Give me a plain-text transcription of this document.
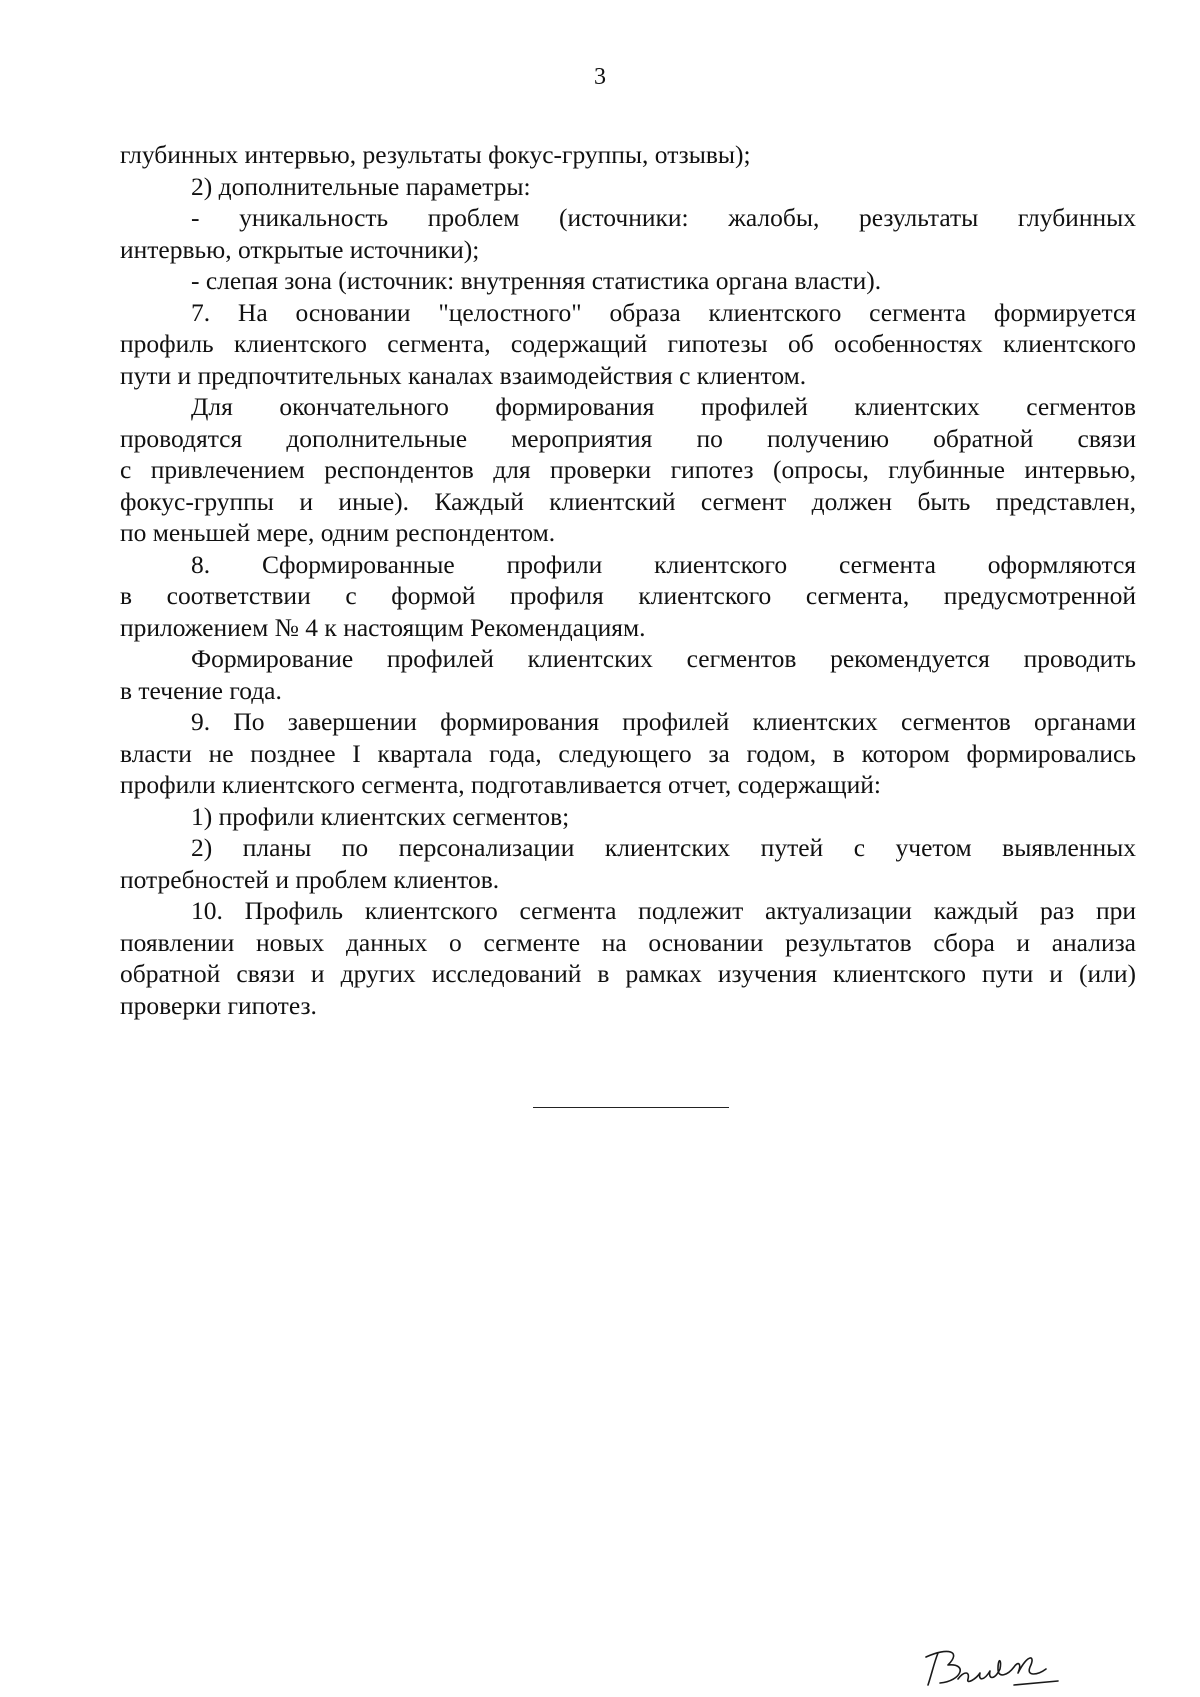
3
глубинных интервью, результаты фокус-группы, отзывы);
2) дополнительные параметры:
- уникальность проблем (источники: жалобы, результаты глубинных
интервью, открытые источники);
- слепая зона (источник: внутренняя статистика органа власти).
7. На основании "целостного" образа клиентского сегмента формируется
профиль клиентского сегмента, содержащий гипотезы об особенностях клиентского
пути и предпочтительных каналах взаимодействия с клиентом.
Для окончательного формирования профилей клиентских сегментов
проводятся дополнительные мероприятия по получению обратной связи
с привлечением респондентов для проверки гипотез (опросы, глубинные интервью,
фокус-группы и иные). Каждый клиентский сегмент должен быть представлен,
по меньшей мере, одним респондентом.
8. Сформированные профили клиентского сегмента оформляются
в соответствии с формой профиля клиентского сегмента, предусмотренной
приложением № 4 к настоящим Рекомендациям.
Формирование профилей клиентских сегментов рекомендуется проводить
в течение года.
9. По завершении формирования профилей клиентских сегментов органами
власти не позднее I квартала года, следующего за годом, в котором формировались
профили клиентского сегмента, подготавливается отчет, содержащий:
1) профили клиентских сегментов;
2) планы по персонализации клиентских путей с учетом выявленных
потребностей и проблем клиентов.
10. Профиль клиентского сегмента подлежит актуализации каждый раз при
появлении новых данных о сегменте на основании результатов сбора и анализа
обратной связи и других исследований в рамках изучения клиентского пути и (или)
проверки гипотез.
